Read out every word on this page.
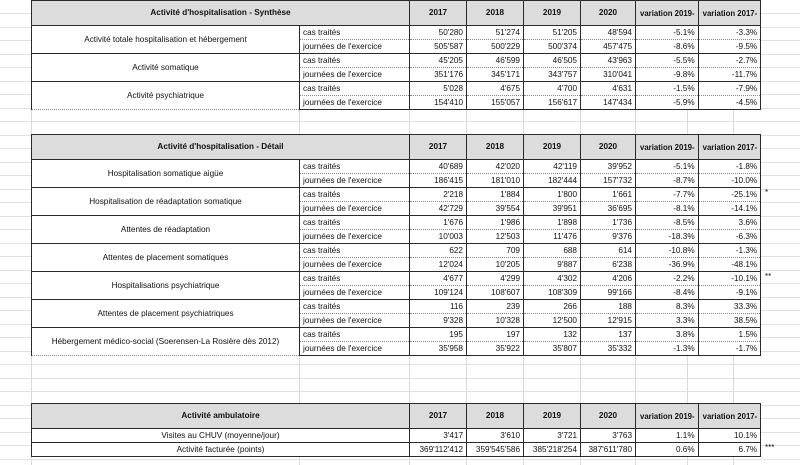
Activité d'hospitalisation - Synthèse		2017	2018	2019	2020	variation 2019-	variation 2017-
Activité totale hospitalisation et hébergement	cas traités	50'280	51'274	51'205	48'594	-5.1%	-3.3%
	journées de l'exercice	505'587	500'229	500'374	457'475	-8.6%	-9.5%
Activité somatique	cas traités	45'205	46'599	46'505	43'963	-5.5%	-2.7%
	journées de l'exercice	351'176	345'171	343'757	310'041	-9.8%	-11.7%
Activité psychiatrique	cas traités	5'028	4'675	4'700	4'631	-1.5%	-7.9%
	journées de l'exercice	154'410	155'057	156'617	147'434	-5.9%	-4.5%
Activité d'hospitalisation - Détail		2017	2018	2019	2020	variation 2019-	variation 2017-
Hospitalisation somatique aigüe	cas traités	40'689	42'020	42'119	39'952	-5.1%	-1.8%
	journées de l'exercice	186'415	181'010	182'444	157'732	-8.7%	-10.0%
Hospitalisation de réadaptation somatique	cas traités	2'218	1'884	1'800	1'661	-7.7%	-25.1%
	journées de l'exercice	42'729	39'554	39'951	36'695	-8.1%	-14.1%
Attentes de réadaptation	cas traités	1'676	1'986	1'898	1'736	-8.5%	3.6%
	journées de l'exercice	10'003	12'503	11'476	9'376	-18.3%	-6.3%
Attentes de placement somatiques	cas traités	622	709	688	614	-10.8%	-1.3%
	journées de l'exercice	12'024	10'205	9'887	6'238	-36.9%	-48.1%
Hospitalisations psychiatrique	cas traités	4'677	4'299	4'302	4'206	-2.2%	-10.1%
	journées de l'exercice	109'124	108'607	108'309	99'166	-8.4%	-9.1%
Attentes de placement psychiatriques	cas traités	116	239	266	188	8.3%	33.3%
	journées de l'exercice	9'328	10'328	12'500	12'915	3.3%	38.5%
Hébergement médico-social (Soerensen-La Rosière dès 2012)	cas traités	195	197	132	137	3.8%	1.5%
	journées de l'exercice	35'958	35'922	35'807	35'332	-1.3%	-1.7%
Activité ambulatoire	2017	2018	2019	2020	variation 2019-	variation 2017-
Visites au CHUV (moyenne/jour)	3'417	3'610	3'721	3'763	1.1%	10.1%
Activité facturée (points)	369'112'412	359'545'586	385'218'254	387'611'780	0.6%	6.7%
*
**
***
